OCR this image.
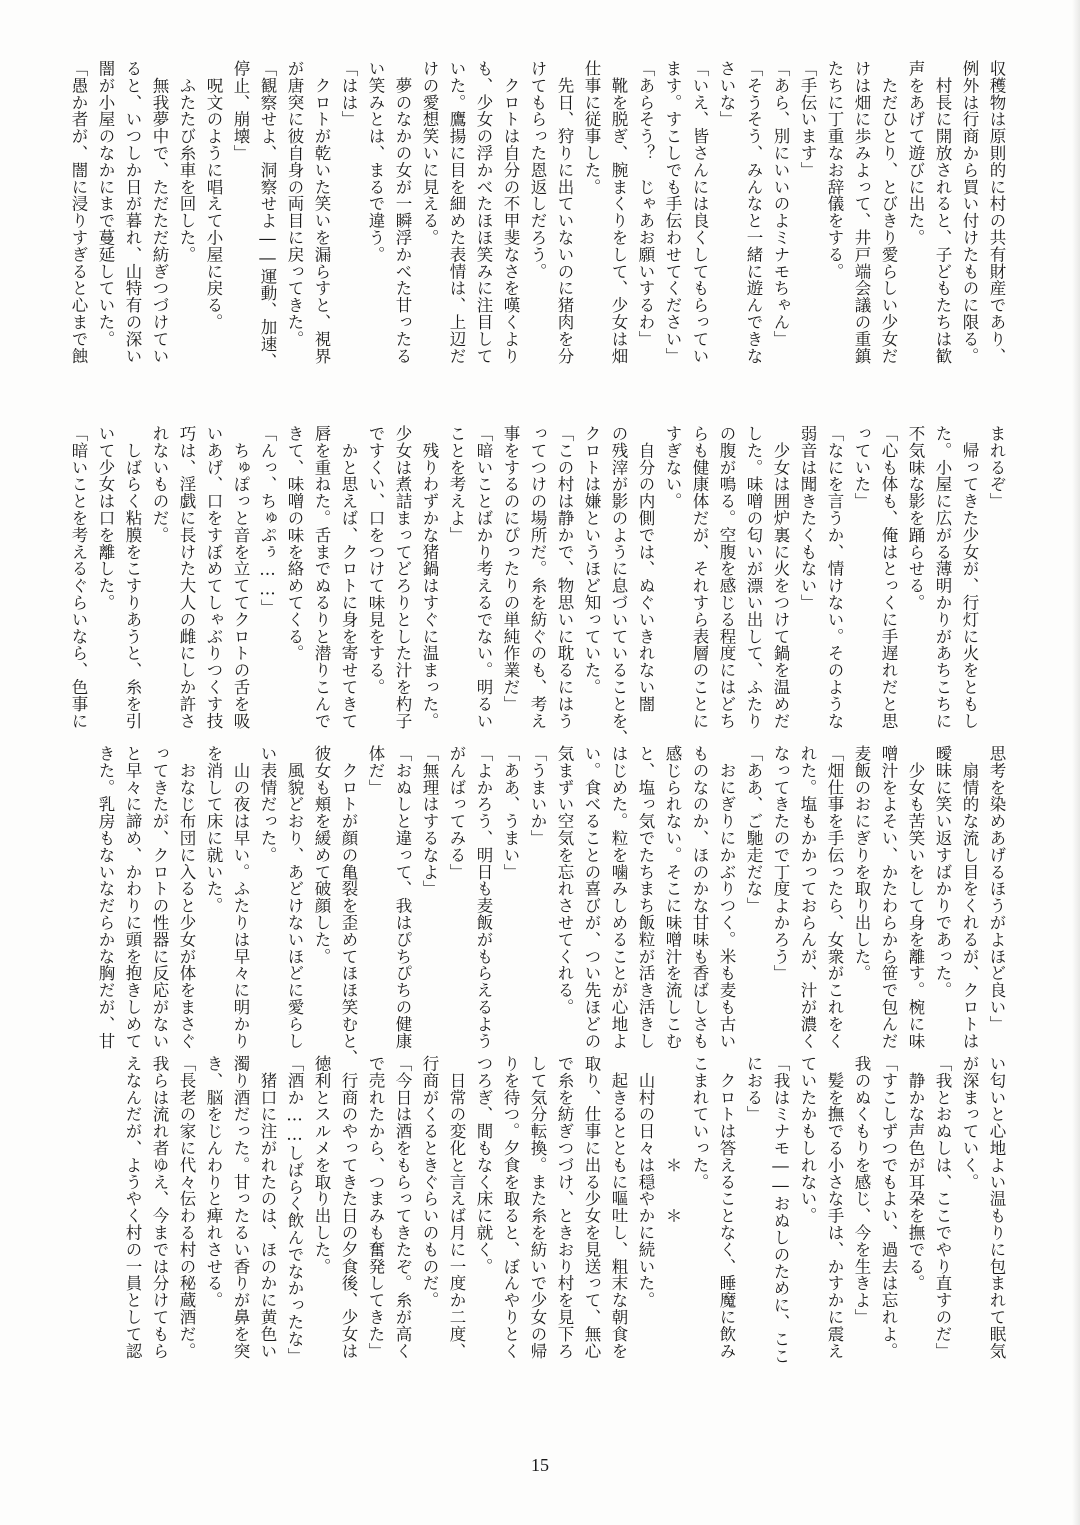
収穫物は原則的に村の共有財産であり、
例外は行商から買い付けたものに限る。
　村長に開放されると、子どもたちは歓
声をあげて遊びに出た。
　ただひとり、とびきり愛らしい少女だ
けは畑に歩みよって、井戸端会議の重鎮
たちに丁重なお辞儀をする。
「手伝います」
「あら、別にいいのよミナモちゃん」
「そうそう、みんなと一緒に遊んできな
さいな」
「いえ、皆さんには良くしてもらってい
ます。すこしでも手伝わせてください」
「あらそう？　じゃあお願いするわ」
　靴を脱ぎ、腕まくりをして、少女は畑
仕事に従事した。
　先日、狩りに出ていないのに猪肉を分
けてもらった恩返しだろう。
　クロトは自分の不甲斐なさを嘆くより
も、少女の浮かべたほほ笑みに注目して
いた。鷹揚に目を細めた表情は、上辺だ
けの愛想笑いに見える。
　夢のなかの女が一瞬浮かべた甘ったる
い笑みとは、まるで違う。
「はは」
　クロトが乾いた笑いを漏らすと、視界
が唐突に彼自身の両目に戻ってきた。
「観察せよ、洞察せよ――運動、加速、
停止、崩壊」
　呪文のように唱えて小屋に戻る。
　ふたたび糸車を回した。
　無我夢中で、ただただ紡ぎつづけてい
ると、いつしか日が暮れ、山特有の深い
闇が小屋のなかにまで蔓延していた。
「愚か者が、闇に浸りすぎると心まで蝕
まれるぞ」
　帰ってきた少女が、行灯に火をともし
た。小屋に広がる薄明かりがあちこちに
不気味な影を踊らせる。
「心も体も、俺はとっくに手遅れだと思
っていた」
「なにを言うか、情けない。そのような
弱音は聞きたくもない」
　少女は囲炉裏に火をつけて鍋を温めだ
した。味噌の匂いが漂い出して、ふたり
の腹が鳴る。空腹を感じる程度にはどち
らも健康体だが、それすら表層のことに
すぎない。
　自分の内側では、ぬぐいきれない闇
の残滓が影のように息づいていることを、
クロトは嫌というほど知っていた。
「この村は静かで、物思いに耽るにはう
ってつけの場所だ。糸を紡ぐのも、考え
事をするのにぴったりの単純作業だ」
「暗いことばかり考えるでない。明るい
ことを考えよ」
　残りわずかな猪鍋はすぐに温まった。
少女は煮詰まってどろりとした汁を杓子
ですくい、口をつけて味見をする。
　かと思えば、クロトに身を寄せてきて
唇を重ねた。舌までぬるりと潜りこんで
きて、味噌の味を絡めてくる。
「んっ、ちゅぷぅ……」
　ちゅぽっと音を立ててクロトの舌を吸
いあげ、口をすぼめてしゃぶりつくす技
巧は、淫戯に長けた大人の雌にしか許さ
れないものだ。
　しばらく粘膜をこすりあうと、糸を引
いて少女は口を離した。
「暗いことを考えるぐらいなら、色事に
思考を染めあげるほうがよほど良い」
　扇情的な流し目をくれるが、クロトは
曖昧に笑い返すばかりであった。
　少女も苦笑いをして身を離す。椀に味
噌汁をよそい、かたわらから笹で包んだ
麦飯のおにぎりを取り出した。
「畑仕事を手伝ったら、女衆がこれをく
れた。塩もかかっておらんが、汁が濃く
なってきたので丁度よかろう」
「ああ、ご馳走だな」
　おにぎりにかぶりつく。米も麦も古い
ものなのか、ほのかな甘味も香ばしさも
感じられない。そこに味噌汁を流しこむ
と、塩っ気でたちまち飯粒が活き活きし
はじめた。粒を噛みしめることが心地よ
い。食べることの喜びが、つい先ほどの
気まずい空気を忘れさせてくれる。
「うまいか」
「ああ、うまい」
「よかろう、明日も麦飯がもらえるよう
がんばってみる」
「無理はするなよ」
「おぬしと違って、我はぴちぴちの健康
体だ」
　クロトが顔の亀裂を歪めてほほ笑むと、
彼女も頬を緩めて破顔した。
　風貌どおり、あどけないほどに愛らし
い表情だった。
　山の夜は早い。ふたりは早々に明かり
を消して床に就いた。
　おなじ布団に入ると少女が体をまさぐ
ってきたが、クロトの性器に反応がない
と早々に諦め、かわりに頭を抱きしめて
きた。乳房もないなだらかな胸だが、甘
い匂いと心地よい温もりに包まれて眠気
が深まっていく。
「我とおぬしは、ここでやり直すのだ」
　静かな声色が耳朶を撫でる。
「すこしずつでもよい、過去は忘れよ。
我のぬくもりを感じ、今を生きよ」
　髪を撫でる小さな手は、かすかに震え
ていたかもしれない。
「我はミナモ――おぬしのために、ここ
におる」
　クロトは答えることなく、睡魔に飲み
こまれていった。
　　　　　　＊　　＊
　山村の日々は穏やかに続いた。
　起きるとともに嘔吐し、粗末な朝食を
取り、仕事に出る少女を見送って、無心
で糸を紡ぎつづけ、ときおり村を見下ろ
して気分転換。また糸を紡いで少女の帰
りを待つ。夕食を取ると、ぼんやりとく
つろぎ、間もなく床に就く。
　日常の変化と言えば月に一度か二度、
行商がくるときぐらいのものだ。
「今日は酒をもらってきたぞ。糸が高く
で売れたから、つまみも奮発してきた」
　行商のやってきた日の夕食後、少女は
徳利とスルメを取り出した。
「酒か……しばらく飲んでなかったな」
　猪口に注がれたのは、ほのかに黄色い
濁り酒だった。甘ったるい香りが鼻を突
き、脳をじんわりと痺れさせる。
「長老の家に代々伝わる村の秘蔵酒だ。
我らは流れ者ゆえ、今までは分けてもら
えなんだが、ようやく村の一員として認
15
